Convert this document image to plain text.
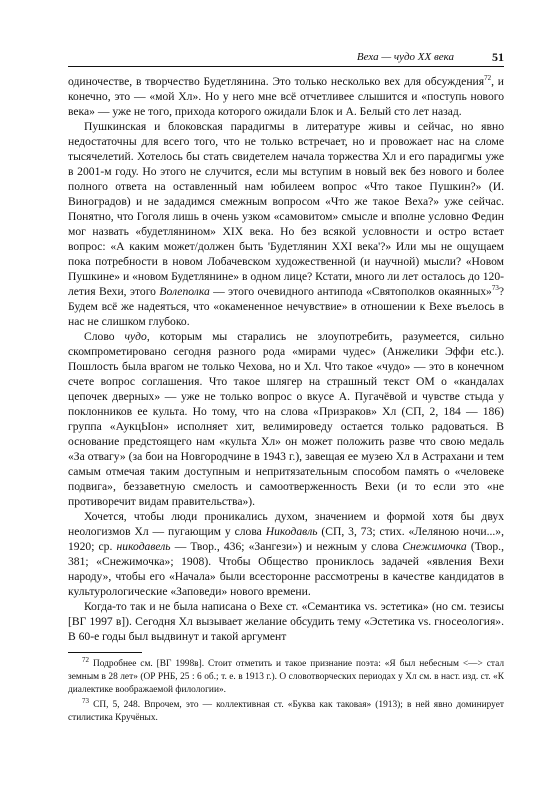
Веха — чудо XX века	51

одиночестве, в творчество Будетлянина. Это только несколько вех для обсуждения$^{72}$, и конечно, это — «мой Хл». Но у него мне всё отчетливее слышится и «поступь нового века» — уже не того, прихода которого ожидали Блок и А. Белый сто лет назад.

Пушкинская и блоковская парадигмы в литературе живы и сейчас, но явно недостаточны для всего того, что не только встречает, но и провожает нас на сломе тысячелетий. Хотелось бы стать свидетелем начала торжества Хл и его парадигмы уже в 2001-м году. Но этого не случится, если мы вступим в новый век без нового и более полного ответа на оставленный нам юбилеем вопрос «Что такое Пушкин?» (И. Виноградов) и не зададимся смежным вопросом «Что же такое Веха?» уже сейчас. Понятно, что Гоголя лишь в очень узком «самовитом» смысле и вполне условно Федин мог назвать «будетлянином» XIX века. Но без всякой условности и остро встает вопрос: «А каким может/должен быть 'Будетлянин XXI века'?» Или мы не ощущаем пока потребности в новом Лобачевском художественной (и научной) мысли? «Новом Пушкине» и «новом Будетлянине» в одном лице? Кстати, много ли лет осталось до 120-летия Вехи, этого Волеполка — этого очевидного антипода «Святополков окаянных»$^{73}$? Будем всё же надеяться, что «окамененное нечувствие» в отношении к Вехе въелось в нас не слишком глубоко.

Слово чудо, которым мы старались не злоупотребить, разумеется, сильно скомпрометировано сегодня разного рода «мирами чудес» (Анжелики Эффи etc.). Пошлость была врагом не только Чехова, но и Хл. Что такое «чудо» — это в конечном счете вопрос соглашения. Что такое шлягер на страшный текст ОМ о «кандалах цепочек дверных» — уже не только вопрос о вкусе А. Пугачёвой и чувстве стыда у поклонников ее культа. Но тому, что на слова «Призраков» Хл (СП, 2, 184 — 186) группа «АукцЫон» исполняет хит, велимироведу остается только радоваться. В основание предстоящего нам «культа Хл» он может положить разве что свою медаль «За отвагу» (за бои на Новгородчине в 1943 г.), завещая ее музею Хл в Астрахани и тем самым отмечая таким доступным и непритязательным способом память о «человеке подвига», беззаветную смелость и самоотверженность Вехи (и то если это «не противоречит видам правительства»).

Хочется, чтобы люди проникались духом, значением и формой хотя бы двух неологизмов Хл — пугающим у слова Никодавль (СП, 3, 73; стих. «Леляною ночи...», 1920; ср. никодавель — Твор., 436; «Зангези») и нежным у слова Снежимочка (Твор., 381; «Снежимочка»; 1908). Чтобы Общество прониклось задачей «явления Вехи народу», чтобы его «Начала» были всесторонне рассмотрены в качестве кандидатов в культурологические «Заповеди» нового времени.

Когда-то так и не была написана о Вехе ст. «Семантика vs. эстетика» (но см. тезисы [ВГ 1997 в]). Сегодня Хл вызывает желание обсудить тему «Эстетика vs. гносеология». В 60-е годы был выдвинут и такой аргумент

$^{72}$ Подробнее см. [ВГ 1998в]. Стоит отметить и такое признание поэта: «Я был небесным <—> стал земным в 28 лет» (ОР РНБ, 25 : 6 об.; т. е. в 1913 г.). О словотворческих периодах у Хл см. в наст. изд. ст. «К диалектике воображаемой филологии».

$^{73}$ СП, 5, 248. Впрочем, это — коллективная ст. «Буква как таковая» (1913); в ней явно доминирует стилистика Кручёных.
